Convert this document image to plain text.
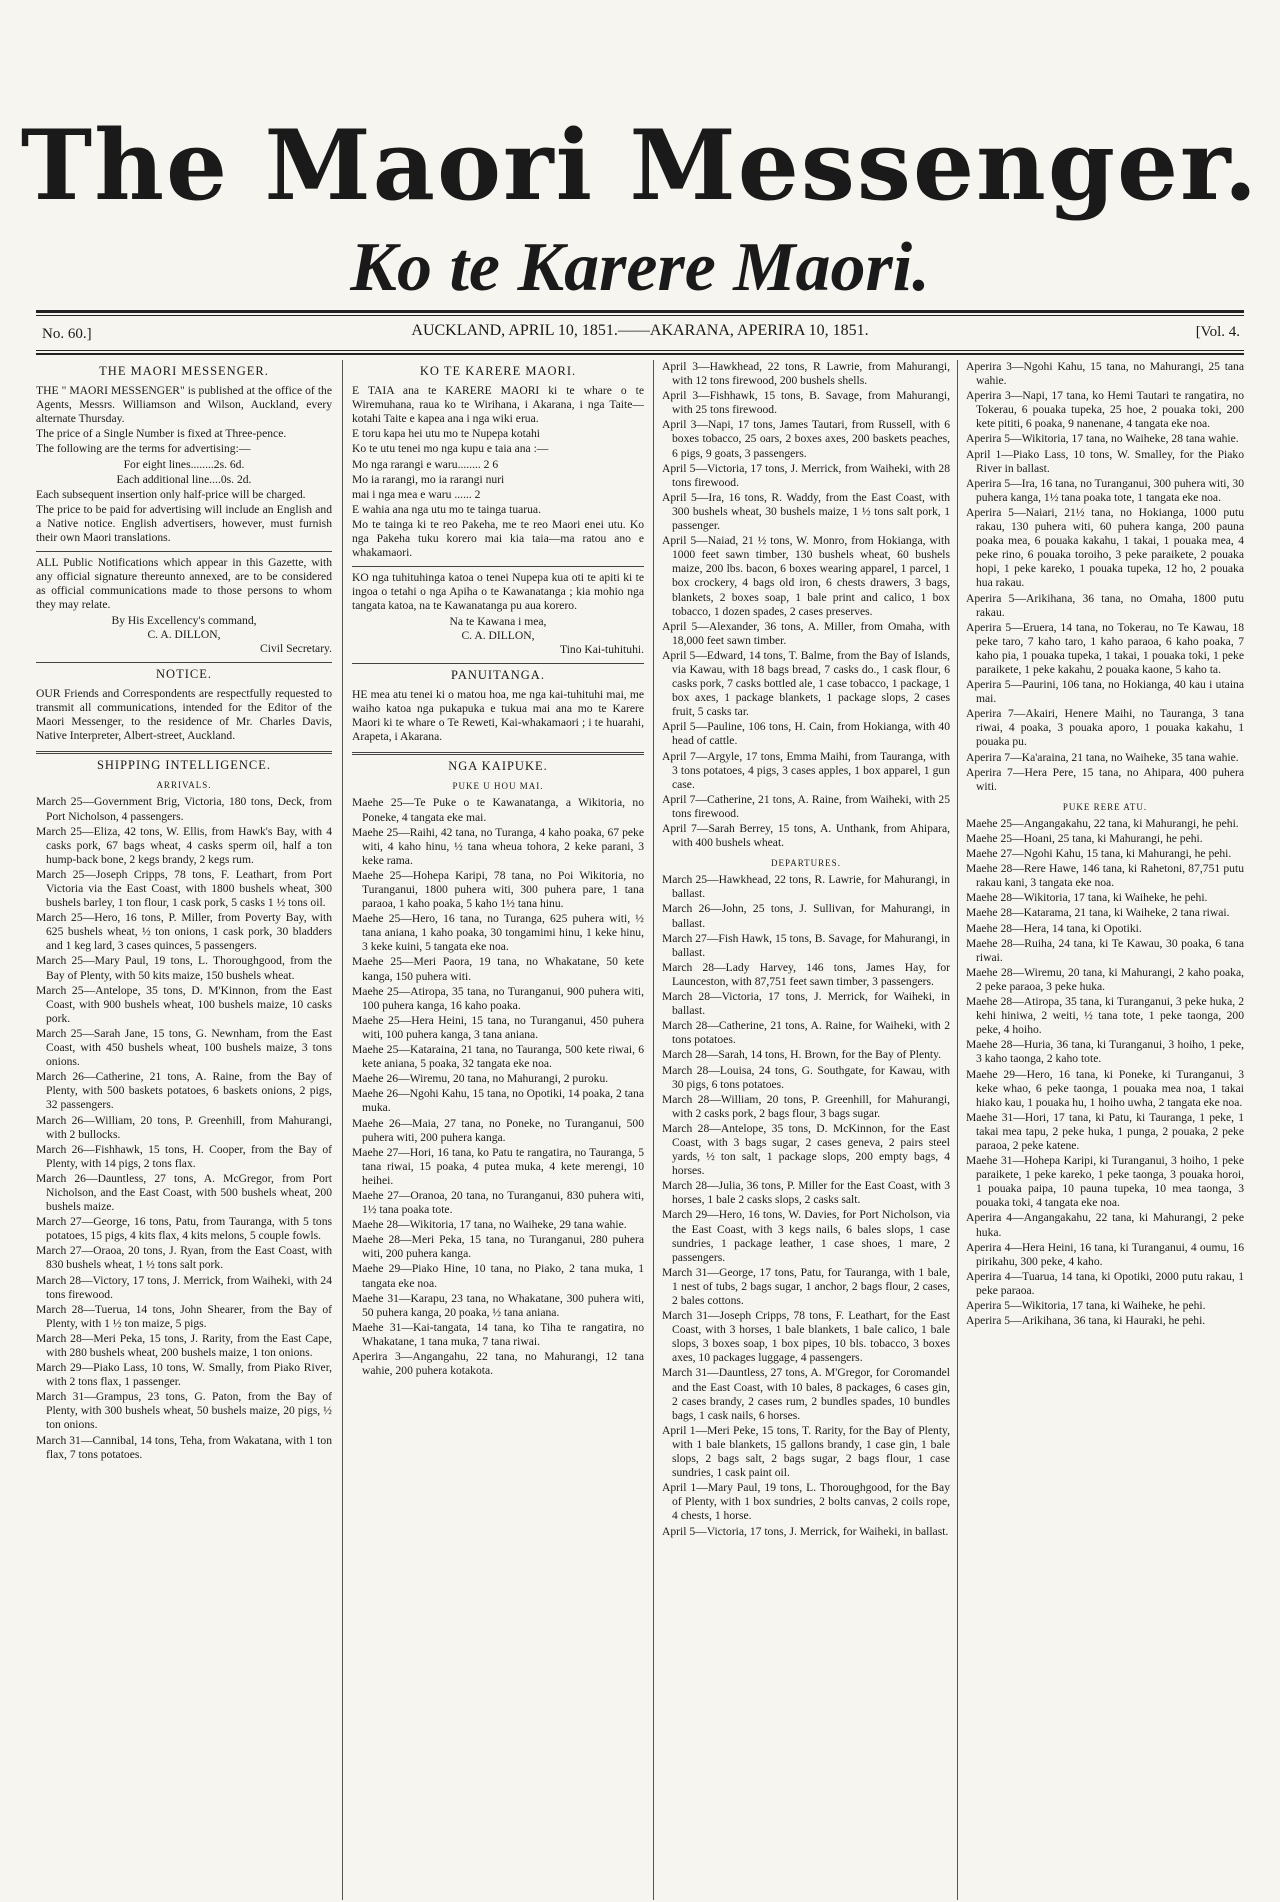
The Maori Messenger.
Ko te Karere Maori.
No. 60.]	AUCKLAND, APRIL 10, 1851.——AKARANA, APERIRA 10, 1851.	[Vol. 4.
THE MAORI MESSENGER.

THE " MAORI MESSENGER" is published at the office of the Agents, Messrs. Williamson and Wilson, Auckland, every alternate Thursday.

The price of a Single Number is fixed at Three-pence.

The following are the terms for advertising:—

For eight lines........2s. 6d.

Each additional line....0s. 2d.

Each subsequent insertion only half-price will be charged.

The price to be paid for advertising will include an English and a Native notice. English advertisers, however, must furnish their own Maori translations.

ALL Public Notifications which appear in this Gazette, with any official signature thereunto annexed, are to be considered as official communications made to those persons to whom they may relate.

By His Excellency's command,

C. A. DILLON,

Civil Secretary.

NOTICE.

OUR Friends and Correspondents are respectfully requested to transmit all communications, intended for the Editor of the Maori Messenger, to the residence of Mr. Charles Davis, Native Interpreter, Albert-street, Auckland.

SHIPPING INTELLIGENCE.
ARRIVALS.

March 25—Government Brig, Victoria, 180 tons, Deck, from Port Nicholson, 4 passengers.

March 25—Eliza, 42 tons, W. Ellis, from Hawk's Bay, with 4 casks pork, 67 bags wheat, 4 casks sperm oil, half a ton hump-back bone, 2 kegs brandy, 2 kegs rum.

March 25—Joseph Cripps, 78 tons, F. Leathart, from Port Victoria via the East Coast, with 1800 bushels wheat, 300 bushels barley, 1 ton flour, 1 cask pork, 5 casks 1 ½ tons oil.

March 25—Hero, 16 tons, P. Miller, from Poverty Bay, with 625 bushels wheat, ½ ton onions, 1 cask pork, 30 bladders and 1 keg lard, 3 cases quinces, 5 passengers.

March 25—Mary Paul, 19 tons, L. Thoroughgood, from the Bay of Plenty, with 50 kits maize, 150 bushels wheat.

March 25—Antelope, 35 tons, D. M'Kinnon, from the East Coast, with 900 bushels wheat, 100 bushels maize, 10 casks pork.

March 25—Sarah Jane, 15 tons, G. Newnham, from the East Coast, with 450 bushels wheat, 100 bushels maize, 3 tons onions.

March 26—Catherine, 21 tons, A. Raine, from the Bay of Plenty, with 500 baskets potatoes, 6 baskets onions, 2 pigs, 32 passengers.

March 26—William, 20 tons, P. Greenhill, from Mahurangi, with 2 bullocks.

March 26—Fishhawk, 15 tons, H. Cooper, from the Bay of Plenty, with 14 pigs, 2 tons flax.

March 26—Dauntless, 27 tons, A. McGregor, from Port Nicholson, and the East Coast, with 500 bushels wheat, 200 bushels maize.

March 27—George, 16 tons, Patu, from Tauranga, with 5 tons potatoes, 15 pigs, 4 kits flax, 4 kits melons, 5 couple fowls.

March 27—Oraoa, 20 tons, J. Ryan, from the East Coast, with 830 bushels wheat, 1 ½ tons salt pork.

March 28—Victory, 17 tons, J. Merrick, from Waiheki, with 24 tons firewood.

March 28—Tuerua, 14 tons, John Shearer, from the Bay of Plenty, with 1 ½ ton maize, 5 pigs.

March 28—Meri Peka, 15 tons, J. Rarity, from the East Cape, with 280 bushels wheat, 200 bushels maize, 1 ton onions.

March 29—Piako Lass, 10 tons, W. Smally, from Piako River, with 2 tons flax, 1 passenger.

March 31—Grampus, 23 tons, G. Paton, from the Bay of Plenty, with 300 bushels wheat, 50 bushels maize, 20 pigs, ½ ton onions.

March 31—Cannibal, 14 tons, Teha, from Wakatana, with 1 ton flax, 7 tons potatoes.

KO TE KARERE MAORI.

E TAIA ana te KARERE MAORI ki te whare o te Wiremuhana, raua ko te Wirihana, i Akarana, i nga Taite—kotahi Taite e kapea ana i nga wiki erua.

E toru kapa hei utu mo te Nupepa kotahi

Ko te utu tenei mo nga kupu e taia ana :—

Mo nga rarangi e waru........ 2 6

Mo ia rarangi, mo ia rarangi nuri

mai i nga mea e waru ...... 2

E wahia ana nga utu mo te tainga tuarua.

Mo te tainga ki te reo Pakeha, me te reo Maori enei utu. Ko nga Pakeha tuku korero mai kia taia—ma ratou ano e whakamaori.

KO nga tuhituhinga katoa o tenei Nupepa kua oti te apiti ki te ingoa o tetahi o nga Apiha o te Kawanatanga ; kia mohio nga tangata katoa, na te Kawanatanga pu aua korero.

Na te Kawana i mea,

C. A. DILLON,

Tino Kai-tuhituhi.

PANUITANGA.

HE mea atu tenei ki o matou hoa, me nga kai-tuhituhi mai, me waiho katoa nga pukapuka e tukua mai ana mo te Karere Maori ki te whare o Te Reweti, Kai-whakamaori ; i te huarahi, Arapeta, i Akarana.

NGA KAIPUKE.
PUKE U HOU MAI.

Maehe 25—Te Puke o te Kawanatanga, a Wikitoria, no Poneke, 4 tangata eke mai.

Maehe 25—Raihi, 42 tana, no Turanga, 4 kaho poaka, 67 peke witi, 4 kaho hinu, ½ tana wheua tohora, 2 keke parani, 3 keke rama.

Maehe 25—Hohepa Karipi, 78 tana, no Poi Wikitoria, no Turanganui, 1800 puhera witi, 300 puhera pare, 1 tana paraoa, 1 kaho poaka, 5 kaho 1½ tana hinu.

Maehe 25—Hero, 16 tana, no Turanga, 625 puhera witi, ½ tana aniana, 1 kaho poaka, 30 tongamimi hinu, 1 keke hinu, 3 keke kuini, 5 tangata eke noa.

Maehe 25—Meri Paora, 19 tana, no Whakatane, 50 kete kanga, 150 puhera witi.

Maehe 25—Atiropa, 35 tana, no Turanganui, 900 puhera witi, 100 puhera kanga, 16 kaho poaka.

Maehe 25—Hera Heini, 15 tana, no Turanganui, 450 puhera witi, 100 puhera kanga, 3 tana aniana.

Maehe 25—Kataraina, 21 tana, no Tauranga, 500 kete riwai, 6 kete aniana, 5 poaka, 32 tangata eke noa.

Maehe 26—Wiremu, 20 tana, no Mahurangi, 2 puroku.

Maehe 26—Ngohi Kahu, 15 tana, no Opotiki, 14 poaka, 2 tana muka.

Maehe 26—Maia, 27 tana, no Poneke, no Turanganui, 500 puhera witi, 200 puhera kanga.

Maehe 27—Hori, 16 tana, ko Patu te rangatira, no Tauranga, 5 tana riwai, 15 poaka, 4 putea muka, 4 kete merengi, 10 heihei.

Maehe 27—Oranoa, 20 tana, no Turanganui, 830 puhera witi, 1½ tana poaka tote.

Maehe 28—Wikitoria, 17 tana, no Waiheke, 29 tana wahie.

Maehe 28—Meri Peka, 15 tana, no Turanganui, 280 puhera witi, 200 puhera kanga.

Maehe 29—Piako Hine, 10 tana, no Piako, 2 tana muka, 1 tangata eke noa.

Maehe 31—Karapu, 23 tana, no Whakatane, 300 puhera witi, 50 puhera kanga, 20 poaka, ½ tana aniana.

Maehe 31—Kai-tangata, 14 tana, ko Tiha te rangatira, no Whakatane, 1 tana muka, 7 tana riwai.

Aperira 3—Angangahu, 22 tana, no Mahurangi, 12 tana wahie, 200 puhera kotakota.

April 3—Hawkhead, 22 tons, R Lawrie, from Mahurangi, with 12 tons firewood, 200 bushels shells.

April 3—Fishhawk, 15 tons, B. Savage, from Mahurangi, with 25 tons firewood.

April 3—Napi, 17 tons, James Tautari, from Russell, with 6 boxes tobacco, 25 oars, 2 boxes axes, 200 baskets peaches, 6 pigs, 9 goats, 3 passengers.

April 5—Victoria, 17 tons, J. Merrick, from Waiheki, with 28 tons firewood.

April 5—Ira, 16 tons, R. Waddy, from the East Coast, with 300 bushels wheat, 30 bushels maize, 1 ½ tons salt pork, 1 passenger.

April 5—Naiad, 21 ½ tons, W. Monro, from Hokianga, with 1000 feet sawn timber, 130 bushels wheat, 60 bushels maize, 200 lbs. bacon, 6 boxes wearing apparel, 1 parcel, 1 box crockery, 4 bags old iron, 6 chests drawers, 3 bags, blankets, 2 boxes soap, 1 bale print and calico, 1 box tobacco, 1 dozen spades, 2 cases preserves.

April 5—Alexander, 36 tons, A. Miller, from Omaha, with 18,000 feet sawn timber.

April 5—Edward, 14 tons, T. Balme, from the Bay of Islands, via Kawau, with 18 bags bread, 7 casks do., 1 cask flour, 6 casks pork, 7 casks bottled ale, 1 case tobacco, 1 package, 1 box axes, 1 package blankets, 1 package slops, 2 cases fruit, 5 casks tar.

April 5—Pauline, 106 tons, H. Cain, from Hokianga, with 40 head of cattle.

April 7—Argyle, 17 tons, Emma Maihi, from Tauranga, with 3 tons potatoes, 4 pigs, 3 cases apples, 1 box apparel, 1 gun case.

April 7—Catherine, 21 tons, A. Raine, from Waiheki, with 25 tons firewood.

April 7—Sarah Berrey, 15 tons, A. Unthank, from Ahipara, with 400 bushels wheat.

DEPARTURES.

March 25—Hawkhead, 22 tons, R. Lawrie, for Mahurangi, in ballast.

March 26—John, 25 tons, J. Sullivan, for Mahurangi, in ballast.

March 27—Fish Hawk, 15 tons, B. Savage, for Mahurangi, in ballast.

March 28—Lady Harvey, 146 tons, James Hay, for Launceston, with 87,751 feet sawn timber, 3 passengers.

March 28—Victoria, 17 tons, J. Merrick, for Waiheki, in ballast.

March 28—Catherine, 21 tons, A. Raine, for Waiheki, with 2 tons potatoes.

March 28—Sarah, 14 tons, H. Brown, for the Bay of Plenty.

March 28—Louisa, 24 tons, G. Southgate, for Kawau, with 30 pigs, 6 tons potatoes.

March 28—William, 20 tons, P. Greenhill, for Mahurangi, with 2 casks pork, 2 bags flour, 3 bags sugar.

March 28—Antelope, 35 tons, D. McKinnon, for the East Coast, with 3 bags sugar, 2 cases geneva, 2 pairs steel yards, ½ ton salt, 1 package slops, 200 empty bags, 4 horses.

March 28—Julia, 36 tons, P. Miller for the East Coast, with 3 horses, 1 bale 2 casks slops, 2 casks salt.

March 29—Hero, 16 tons, W. Davies, for Port Nicholson, via the East Coast, with 3 kegs nails, 6 bales slops, 1 case sundries, 1 package leather, 1 case shoes, 1 mare, 2 passengers.

March 31—George, 17 tons, Patu, for Tauranga, with 1 bale, 1 nest of tubs, 2 bags sugar, 1 anchor, 2 bags flour, 2 cases, 2 bales cottons.

March 31—Joseph Cripps, 78 tons, F. Leathart, for the East Coast, with 3 horses, 1 bale blankets, 1 bale calico, 1 bale slops, 3 boxes soap, 1 box pipes, 10 bls. tobacco, 3 boxes axes, 10 packages luggage, 4 passengers.

March 31—Dauntless, 27 tons, A. M'Gregor, for Coromandel and the East Coast, with 10 bales, 8 packages, 6 cases gin, 2 cases brandy, 2 cases rum, 2 bundles spades, 10 bundles bags, 1 cask nails, 6 horses.

April 1—Meri Peke, 15 tons, T. Rarity, for the Bay of Plenty, with 1 bale blankets, 15 gallons brandy, 1 case gin, 1 bale slops, 2 bags salt, 2 bags sugar, 2 bags flour, 1 case sundries, 1 cask paint oil.

April 1—Mary Paul, 19 tons, L. Thoroughgood, for the Bay of Plenty, with 1 box sundries, 2 bolts canvas, 2 coils rope, 4 chests, 1 horse.

April 5—Victoria, 17 tons, J. Merrick, for Waiheki, in ballast.

Aperira 3—Ngohi Kahu, 15 tana, no Mahurangi, 25 tana wahie.

Aperira 3—Napi, 17 tana, ko Hemi Tautari te rangatira, no Tokerau, 6 pouaka tupeka, 25 hoe, 2 pouaka toki, 200 kete pititi, 6 poaka, 9 nanenane, 4 tangata eke noa.

Aperira 5—Wikitoria, 17 tana, no Waiheke, 28 tana wahie.

April 1—Piako Lass, 10 tons, W. Smalley, for the Piako River in ballast.

Aperira 5—Ira, 16 tana, no Turanganui, 300 puhera witi, 30 puhera kanga, 1½ tana poaka tote, 1 tangata eke noa.

Aperira 5—Naiari, 21½ tana, no Hokianga, 1000 putu rakau, 130 puhera witi, 60 puhera kanga, 200 pauna poaka mea, 6 pouaka kakahu, 1 takai, 1 pouaka mea, 4 peke rino, 6 pouaka toroiho, 3 peke paraikete, 2 pouaka hopi, 1 peke kareko, 1 pouaka tupeka, 12 ho, 2 pouaka hua rakau.

Aperira 5—Arikihana, 36 tana, no Omaha, 1800 putu rakau.

Aperira 5—Eruera, 14 tana, no Tokerau, no Te Kawau, 18 peke taro, 7 kaho taro, 1 kaho paraoa, 6 kaho poaka, 7 kaho pia, 1 pouaka tupeka, 1 takai, 1 pouaka toki, 1 peke paraikete, 1 peke kakahu, 2 pouaka kaone, 5 kaho ta.

Aperira 5—Paurini, 106 tana, no Hokianga, 40 kau i utaina mai.

Aperira 7—Akairi, Henere Maihi, no Tauranga, 3 tana riwai, 4 poaka, 3 pouaka aporo, 1 pouaka kakahu, 1 pouaka pu.

Aperira 7—Ka'araina, 21 tana, no Waiheke, 35 tana wahie.

Aperira 7—Hera Pere, 15 tana, no Ahipara, 400 puhera witi.

PUKE RERE ATU.

Maehe 25—Angangakahu, 22 tana, ki Mahurangi, he pehi.

Maehe 25—Hoani, 25 tana, ki Mahurangi, he pehi.

Maehe 27—Ngohi Kahu, 15 tana, ki Mahurangi, he pehi.

Maehe 28—Rere Hawe, 146 tana, ki Rahetoni, 87,751 putu rakau kani, 3 tangata eke noa.

Maehe 28—Wikitoria, 17 tana, ki Waiheke, he pehi.

Maehe 28—Katarama, 21 tana, ki Waiheke, 2 tana riwai.

Maehe 28—Hera, 14 tana, ki Opotiki.

Maehe 28—Ruiha, 24 tana, ki Te Kawau, 30 poaka, 6 tana riwai.

Maehe 28—Wiremu, 20 tana, ki Mahurangi, 2 kaho poaka, 2 peke paraoa, 3 peke huka.

Maehe 28—Atiropa, 35 tana, ki Turanganui, 3 peke huka, 2 kehi hiniwa, 2 weiti, ½ tana tote, 1 peke taonga, 200 peke, 4 hoiho.

Maehe 28—Huria, 36 tana, ki Turanganui, 3 hoiho, 1 peke, 3 kaho taonga, 2 kaho tote.

Maehe 29—Hero, 16 tana, ki Poneke, ki Turanganui, 3 keke whao, 6 peke taonga, 1 pouaka mea noa, 1 takai hiako kau, 1 pouaka hu, 1 hoiho uwha, 2 tangata eke noa.

Maehe 31—Hori, 17 tana, ki Patu, ki Tauranga, 1 peke, 1 takai mea tapu, 2 peke huka, 1 punga, 2 pouaka, 2 peke paraoa, 2 peke katene.

Maehe 31—Hohepa Karipi, ki Turanganui, 3 hoiho, 1 peke paraikete, 1 peke kareko, 1 peke taonga, 3 pouaka horoi, 1 pouaka paipa, 10 pauna tupeka, 10 mea taonga, 3 pouaka toki, 4 tangata eke noa.

Aperira 4—Angangakahu, 22 tana, ki Mahurangi, 2 peke huka.

Aperira 4—Hera Heini, 16 tana, ki Turanganui, 4 oumu, 16 pirikahu, 300 peke, 4 kaho.

Aperira 4—Tuarua, 14 tana, ki Opotiki, 2000 putu rakau, 1 peke paraoa.

Aperira 5—Wikitoria, 17 tana, ki Waiheke, he pehi.

Aperira 5—Arikihana, 36 tana, ki Hauraki, he pehi.
